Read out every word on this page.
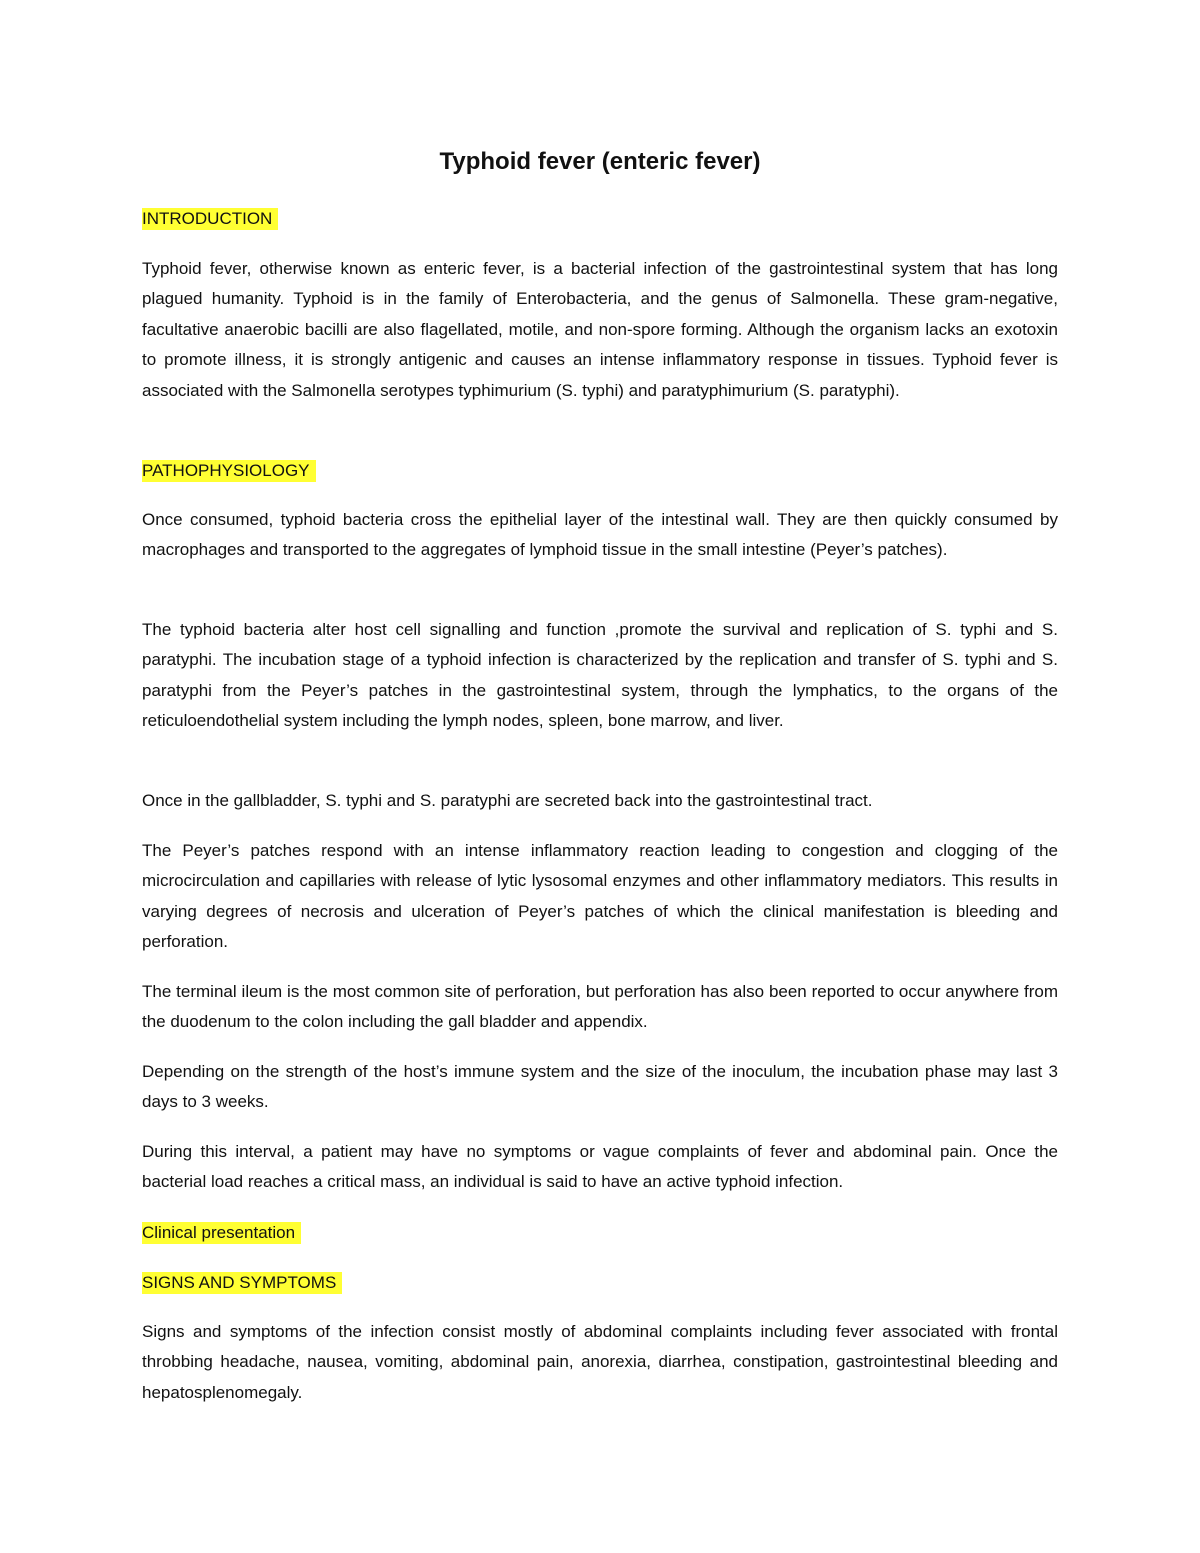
Typhoid fever (enteric fever)

INTRODUCTION

Typhoid fever, otherwise known as enteric fever, is a bacterial infection of the gastrointestinal system that has long plagued humanity. Typhoid is in the family of Enterobacteria, and the genus of Salmonella. These gram-negative, facultative anaerobic bacilli are also flagellated, motile, and non-spore forming. Although the organism lacks an exotoxin to promote illness, it is strongly antigenic and causes an intense inflammatory response in tissues. Typhoid fever is associated with the Salmonella serotypes typhimurium (S. typhi) and paratyphimurium (S. paratyphi).

PATHOPHYSIOLOGY

Once consumed, typhoid bacteria cross the epithelial layer of the intestinal wall. They are then quickly consumed by macrophages and transported to the aggregates of lymphoid tissue in the small intestine (Peyer’s patches).

The typhoid bacteria alter host cell signalling and function ,promote the survival and replication of S. typhi and S. paratyphi. The incubation stage of a typhoid infection is characterized by the replication and transfer of S. typhi and S. paratyphi from the Peyer’s patches in the gastrointestinal system, through the lymphatics, to the organs of the reticuloendothelial system including the lymph nodes, spleen, bone marrow, and liver.

Once in the gallbladder, S. typhi and S. paratyphi are secreted back into the gastrointestinal tract.

The Peyer’s patches respond with an intense inflammatory reaction leading to congestion and clogging of the microcirculation and capillaries with release of lytic lysosomal enzymes and other inflammatory mediators. This results in varying degrees of necrosis and ulceration of Peyer’s patches of which the clinical manifestation is bleeding and perforation.

The terminal ileum is the most common site of perforation, but perforation has also been reported to occur anywhere from the duodenum to the colon including the gall bladder and appendix.

Depending on the strength of the host’s immune system and the size of the inoculum, the incubation phase may last 3 days to 3 weeks.

During this interval, a patient may have no symptoms or vague complaints of fever and abdominal pain. Once the bacterial load reaches a critical mass, an individual is said to have an active typhoid infection.

Clinical presentation

SIGNS AND SYMPTOMS

Signs and symptoms of the infection consist mostly of abdominal complaints including fever associated with frontal throbbing headache, nausea, vomiting, abdominal pain, anorexia, diarrhea, constipation, gastrointestinal bleeding and hepatosplenomegaly.
